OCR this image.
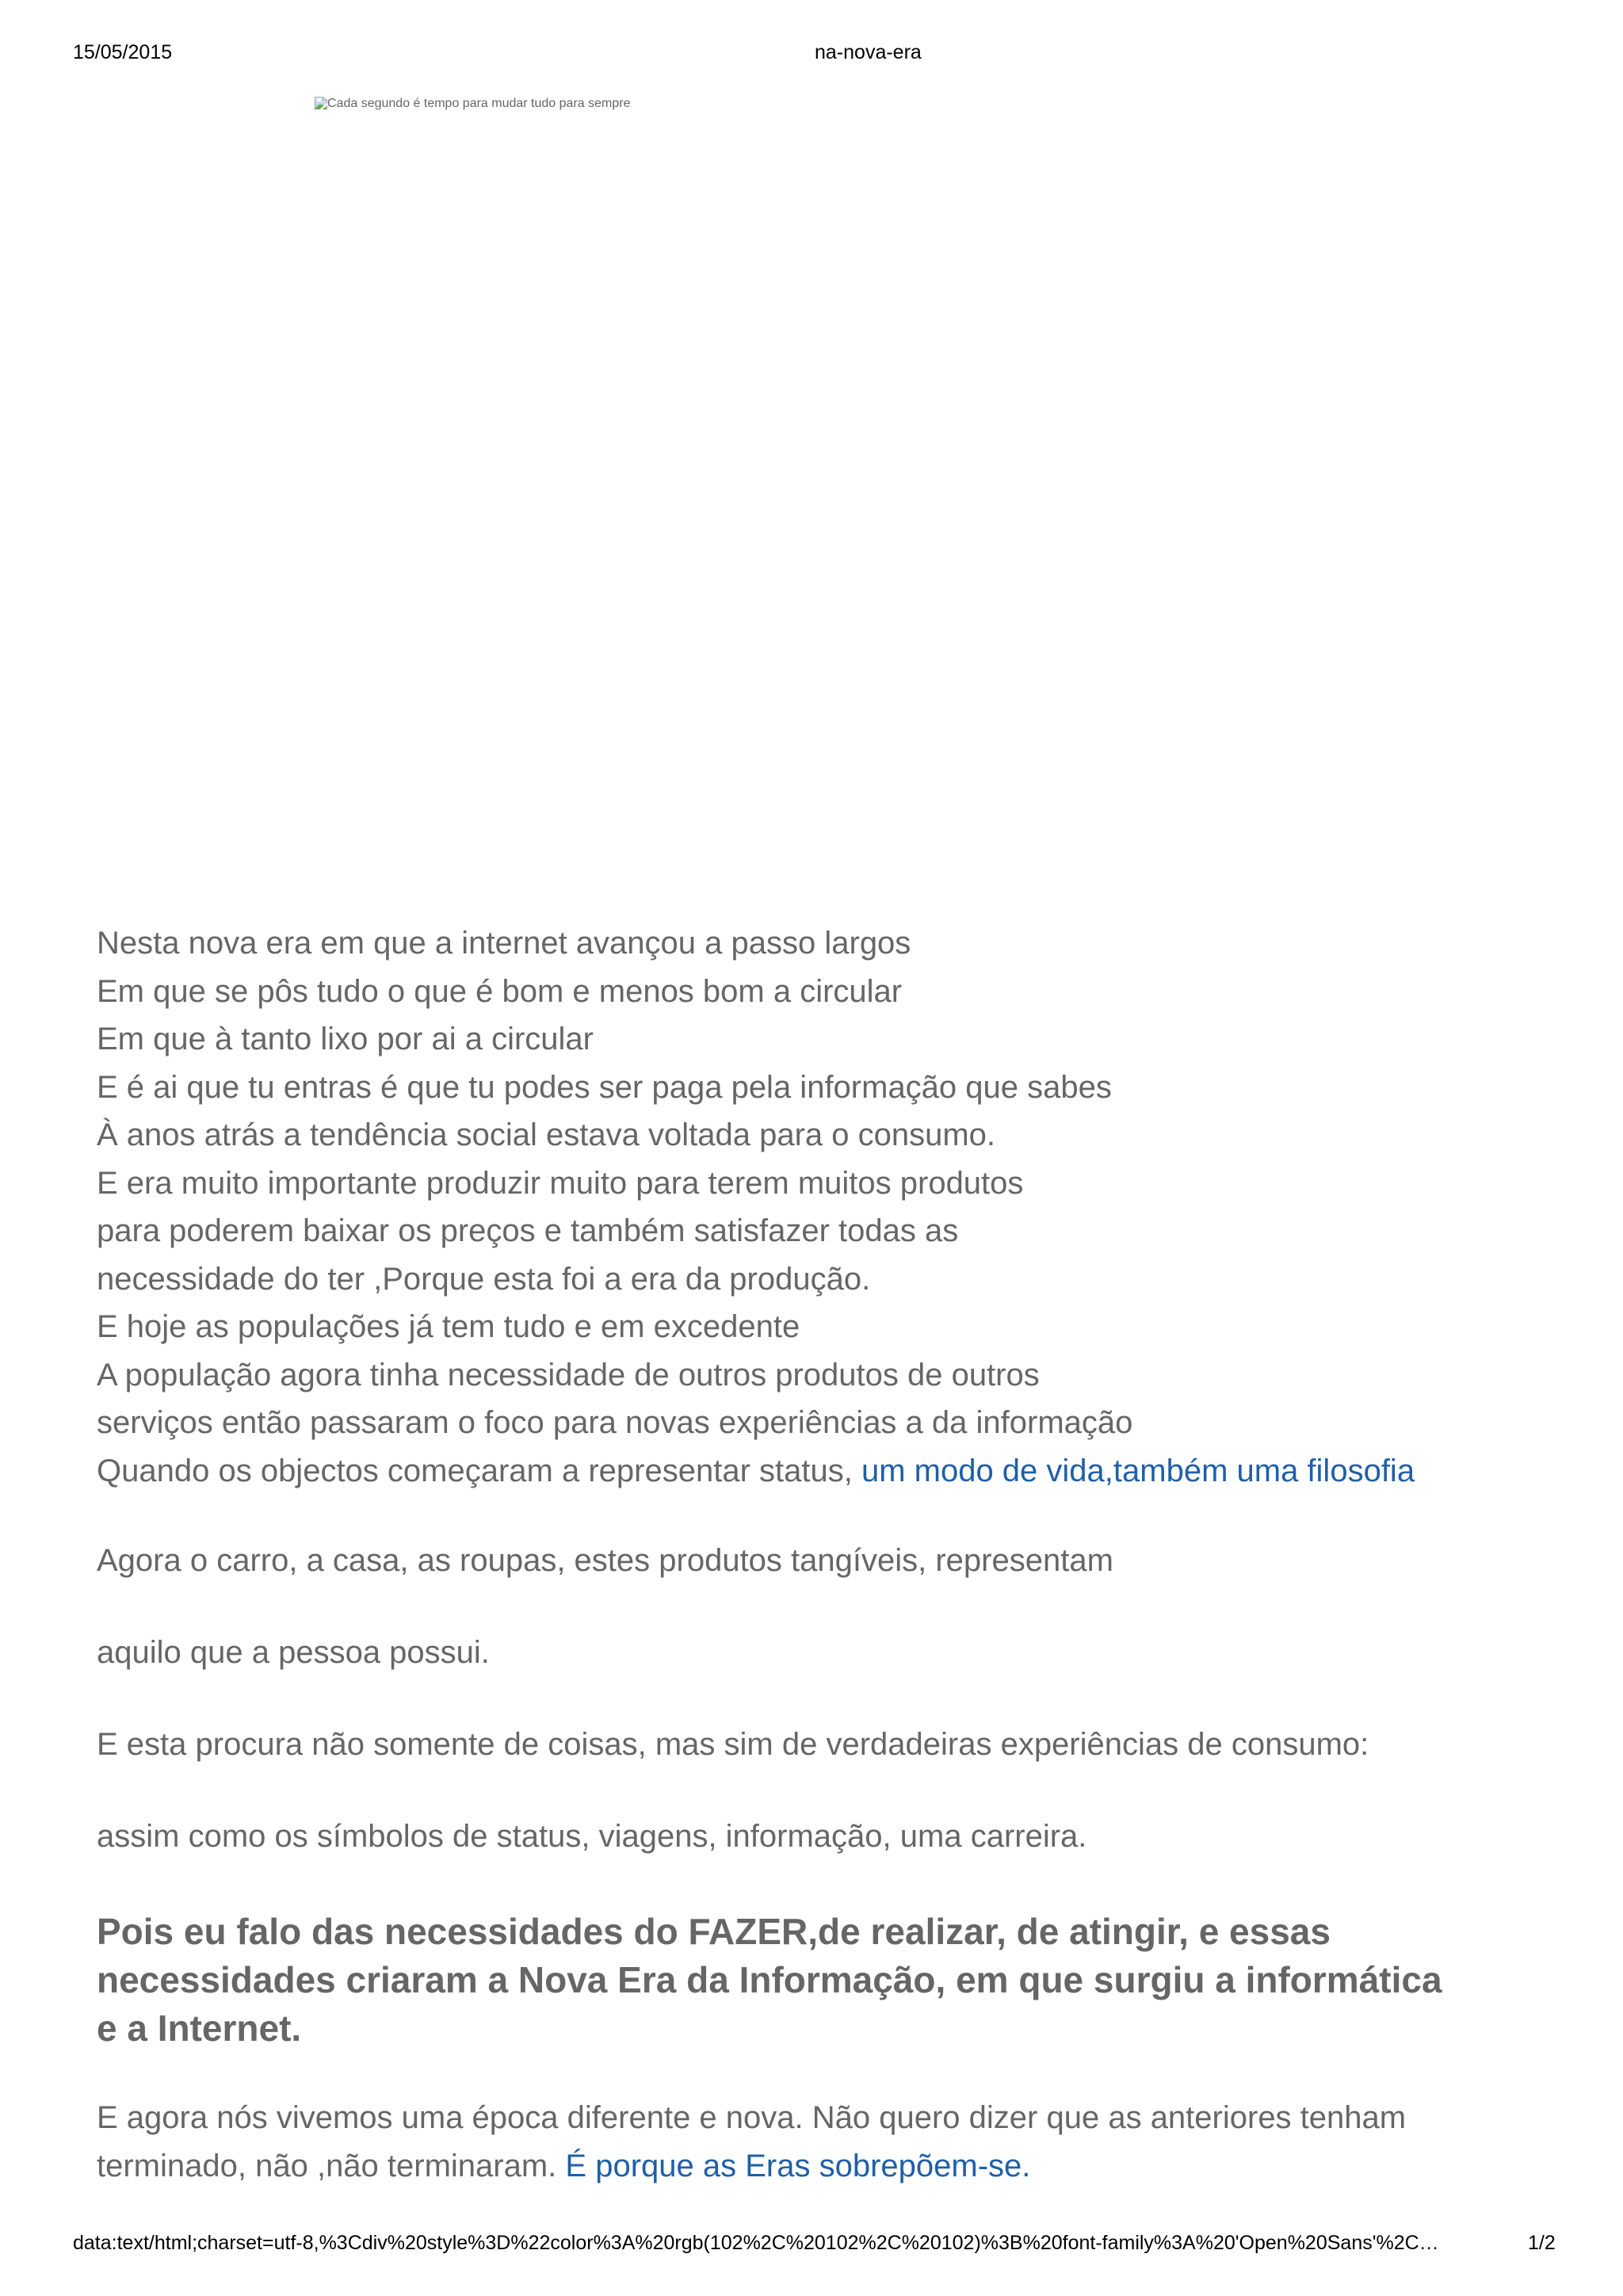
15/05/2015	na-nova-era
Nesta nova era em que a internet avançou a passo largos
Em que se pôs tudo o que é bom e menos bom a circular
Em que à tanto lixo por ai a circular
E é ai que tu entras é que tu podes ser paga pela informação que sabes
À anos atrás a tendência social estava voltada para o consumo.
E era muito importante produzir muito para terem muitos produtos
para poderem baixar os preços e também satisfazer todas as
necessidade do ter ,Porque esta foi a era da produção.
E hoje as populações já tem tudo e em excedente
A população agora tinha necessidade de outros produtos de outros
serviços então passaram o foco para novas experiências a da informação
Quando os objectos começaram a representar status, um modo de vida,também uma filosofia
Agora o carro, a casa, as roupas, estes produtos tangíveis, representam
aquilo que a pessoa possui.
E esta procura não somente de coisas, mas sim de verdadeiras experiências de consumo:
assim como os símbolos de status, viagens, informação, uma carreira.
Pois eu falo das necessidades do FAZER,de realizar, de atingir, e essas
necessidades criaram a Nova Era da Informação, em que surgiu a informática
e a Internet.
E agora nós vivemos uma época diferente e nova. Não quero dizer que as anteriores tenham
terminado, não ,não terminaram. É porque as Eras sobrepõem-se.
data:text/html;charset=utf-8,%3Cdiv%20style%3D%22color%3A%20rgb(102%2C%20102%2C%20102)%3B%20font-family%3A%20'Open%20Sans'%2C…	1/2
